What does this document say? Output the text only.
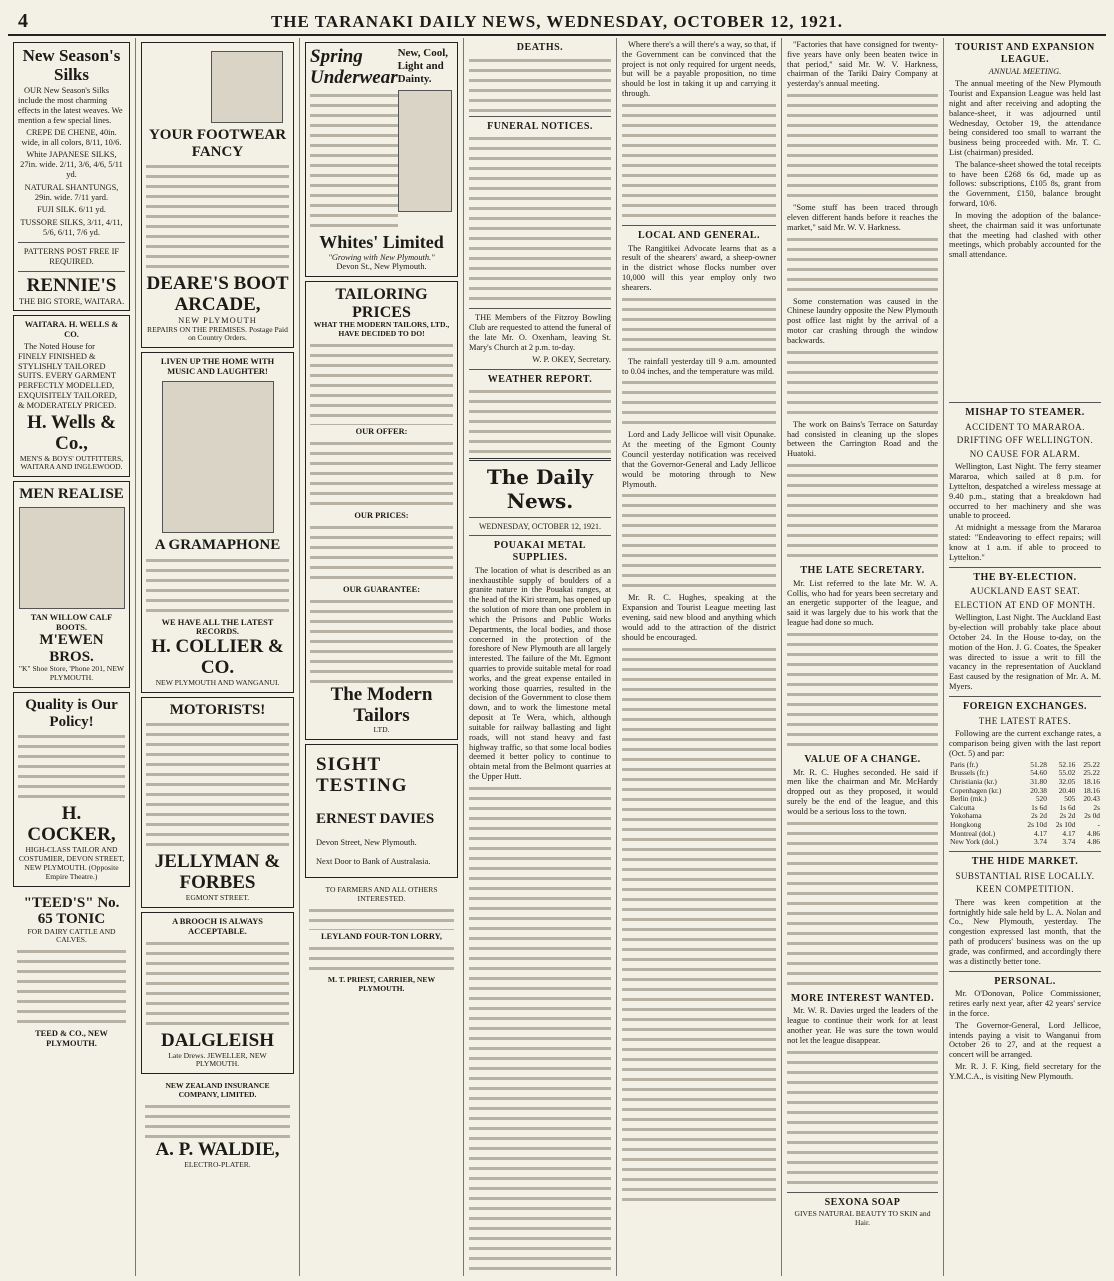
4	THE TARANAKI DAILY NEWS, WEDNESDAY, OCTOBER 12, 1921.
New Season's Silks

OUR New Season's Silks include the most charming effects in the latest weaves. We mention a few special lines.

CREPE DE CHENE, 40in. wide, in all colors, 8/11, 10/6.
White JAPANESE SILKS, 27in. wide. 2/11, 3/6, 4/6, 5/11 yd.
NATURAL SHANTUNGS, 29in. wide. 7/11 yard.
FUJI SILK. 6/11 yd.
TUSSORE SILKS, 3/11, 4/11, 5/6, 6/11, 7/6 yd.
PATTERNS POST FREE IF REQUIRED.
RENNIE'S
THE BIG STORE, WAITARA.
WAITARA. H. WELLS & CO.

The Noted House for FINELY FINISHED & STYLISHLY TAILORED SUITS. EVERY GARMENT PERFECTLY MODELLED, EXQUISITELY TAILORED, & MODERATELY PRICED.

H. Wells & Co.,
MEN'S & BOYS' OUTFITTERS, WAITARA AND INGLEWOOD.
MEN REALISE
TAN WILLOW CALF BOOTS.
M'EWEN BROS.
"K" Shoe Store, 'Phone 201, NEW PLYMOUTH.
Quality is Our Policy!
H. COCKER,
HIGH-CLASS TAILOR AND COSTUMIER, DEVON STREET, NEW PLYMOUTH. (Opposite Empire Theatre.)
"TEED'S" No. 65 TONIC
FOR DAIRY CATTLE AND CALVES.
TEED & CO., NEW PLYMOUTH.
YOUR FOOTWEAR FANCY
DEARE'S BOOT ARCADE,
NEW PLYMOUTH
REPAIRS ON THE PREMISES. Postage Paid on Country Orders.
LIVEN UP THE HOME WITH MUSIC AND LAUGHTER!
A GRAMAPHONE
WE HAVE ALL THE LATEST RECORDS.
H. COLLIER & CO.
NEW PLYMOUTH AND WANGANUI.
MOTORISTS!
JELLYMAN & FORBES
EGMONT STREET.
A BROOCH IS ALWAYS ACCEPTABLE.
DALGLEISH
Late Drews. JEWELLER, NEW PLYMOUTH.
NEW ZEALAND INSURANCE COMPANY, LIMITED.
A. P. WALDIE,
ELECTRO-PLATER.
Spring Underwear
New, Cool, Light and Dainty.
Whites' Limited
"Growing with New Plymouth."
Devon St., New Plymouth.
TAILORING PRICES
WHAT THE MODERN TAILORS, LTD., HAVE DECIDED TO DO!
OUR OFFER:
OUR PRICES:
OUR GUARANTEE:
The Modern Tailors
LTD.
SIGHT TESTING
ERNEST DAVIES
Devon Street, New Plymouth.
Next Door to Bank of Australasia.
TO FARMERS AND ALL OTHERS INTERESTED.
LEYLAND FOUR-TON LORRY,
M. T. PRIEST, CARRIER, NEW PLYMOUTH.
DEATHS.
FUNERAL NOTICES.

THE Members of the Fitzroy Bowling Club are requested to attend the funeral of the late Mr. O. Oxenham, leaving St. Mary's Church at 2 p.m. to-day.

W. P. OKEY, Secretary.
WEATHER REPORT.
The Daily News.
WEDNESDAY, OCTOBER 12, 1921.
POUAKAI METAL SUPPLIES.

The location of what is described as an inexhaustible supply of boulders of a granite nature in the Pouakai ranges, at the head of the Kiri stream, has opened up the solution of more than one problem in which the Prisons and Public Works Departments, the local bodies, and those concerned in the protection of the foreshore of New Plymouth are all largely interested. The failure of the Mt. Egmont quarries to provide suitable metal for road works, and the great expense entailed in working those quarries, resulted in the decision of the Government to close them down, and to work the limestone metal deposit at Te Wera, which, although suitable for railway ballasting and light roads, will not stand heavy and fast highway traffic, so that some local bodies deemed it better policy to continue to obtain metal from the Belmont quarries at the Upper Hutt.

Where there's a will there's a way, so that, if the Government can be convinced that the project is not only required for urgent needs, but will be a payable proposition, no time should be lost in taking it up and carrying it through.

LOCAL AND GENERAL.

The Rangitikei Advocate learns that as a result of the shearers' award, a sheep-owner in the district whose flocks number over 10,000 will this year employ only two shearers.

The rainfall yesterday till 9 a.m. amounted to 0.04 inches, and the temperature was mild.

Lord and Lady Jellicoe will visit Opunake. At the meeting of the Egmont County Council yesterday notification was received that the Governor-General and Lady Jellicoe would be motoring through to New Plymouth.

Mr. R. C. Hughes, speaking at the Expansion and Tourist League meeting last evening, said new blood and anything which would add to the attraction of the district should be encouraged.

"Factories that have consigned for twenty-five years have only been beaten twice in that period," said Mr. W. V. Harkness, chairman of the Tariki Dairy Company at yesterday's annual meeting.

"Some stuff has been traced through eleven different hands before it reaches the market," said Mr. W. V. Harkness.

Some consternation was caused in the Chinese laundry opposite the New Plymouth post office last night by the arrival of a motor car crashing through the window backwards.

The work on Bains's Terrace on Saturday had consisted in cleaning up the slopes between the Carrington Road and the Huatoki.

THE LATE SECRETARY.

Mr. List referred to the late Mr. W. A. Collis, who had for years been secretary and an energetic supporter of the league, and said it was largely due to his work that the league had done so much.

VALUE OF A CHANGE.

Mr. R. C. Hughes seconded. He said if men like the chairman and Mr. McHardy dropped out as they proposed, it would surely be the end of the league, and this would be a serious loss to the town.

MORE INTEREST WANTED.

Mr. W. R. Davies urged the leaders of the league to continue their work for at least another year. He was sure the town would not let the league disappear.

SEXONA SOAP
GIVES NATURAL BEAUTY TO SKIN and Hair.
TOURIST AND EXPANSION LEAGUE.
ANNUAL MEETING.

The annual meeting of the New Plymouth Tourist and Expansion League was held last night and after receiving and adopting the balance-sheet, it was adjourned until Wednesday, October 19, the attendance being considered too small to warrant the business being proceeded with. Mr. T. C. List (chairman) presided.

The balance-sheet showed the total receipts to have been £268 6s 6d, made up as follows: subscriptions, £105 8s, grant from the Government, £150, balance brought forward, 10/6.

In moving the adoption of the balance-sheet, the chairman said it was unfortunate that the meeting had clashed with other meetings, which probably accounted for the small attendance.

MISHAP TO STEAMER.
ACCIDENT TO MARAROA.
DRIFTING OFF WELLINGTON.
NO CAUSE FOR ALARM.

Wellington, Last Night. The ferry steamer Mararoa, which sailed at 8 p.m. for Lyttelton, despatched a wireless message at 9.40 p.m., stating that a breakdown had occurred to her machinery and she was unable to proceed.

At midnight a message from the Mararoa stated: "Endeavoring to effect repairs; will know at 1 a.m. if able to proceed to Lyttelton."

THE BY-ELECTION.
AUCKLAND EAST SEAT.
ELECTION AT END OF MONTH.

Wellington, Last Night. The Auckland East by-election will probably take place about October 24. In the House to-day, on the motion of the Hon. J. G. Coates, the Speaker was directed to issue a writ to fill the vacancy in the representation of Auckland East caused by the resignation of Mr. A. M. Myers.

FOREIGN EXCHANGES.
THE LATEST RATES.

Following are the current exchange rates, a comparison being given with the last report (Oct. 5) and par:

Paris (fr.)	51.28	52.16	25.22
Brussels (fr.)	54.60	55.02	25.22
Christiania (kr.)	31.80	32.05	18.16
Copenhagen (kr.)	20.38	20.40	18.16
Berlin (mk.)	520	505	20.43
Calcutta	1s 6d	1s 6d	2s
Yokohama	2s 2d	2s 2d	2s 0d
Hongkong	2s 10d	2s 10d	-
Montreal (dol.)	4.17	4.17	4.86
New York (dol.)	3.74	3.74	4.86
THE HIDE MARKET.
SUBSTANTIAL RISE LOCALLY.
KEEN COMPETITION.

There was keen competition at the fortnightly hide sale held by L. A. Nolan and Co., New Plymouth, yesterday. The congestion expressed last month, that the path of producers' business was on the up grade, was confirmed, and accordingly there was a distinctly better tone.

PERSONAL.

Mr. O'Donovan, Police Commissioner, retires early next year, after 42 years' service in the force.

The Governor-General, Lord Jellicoe, intends paying a visit to Wanganui from October 26 to 27, and at the request a concert will be arranged.

Mr. R. J. F. King, field secretary for the Y.M.C.A., is visiting New Plymouth.
